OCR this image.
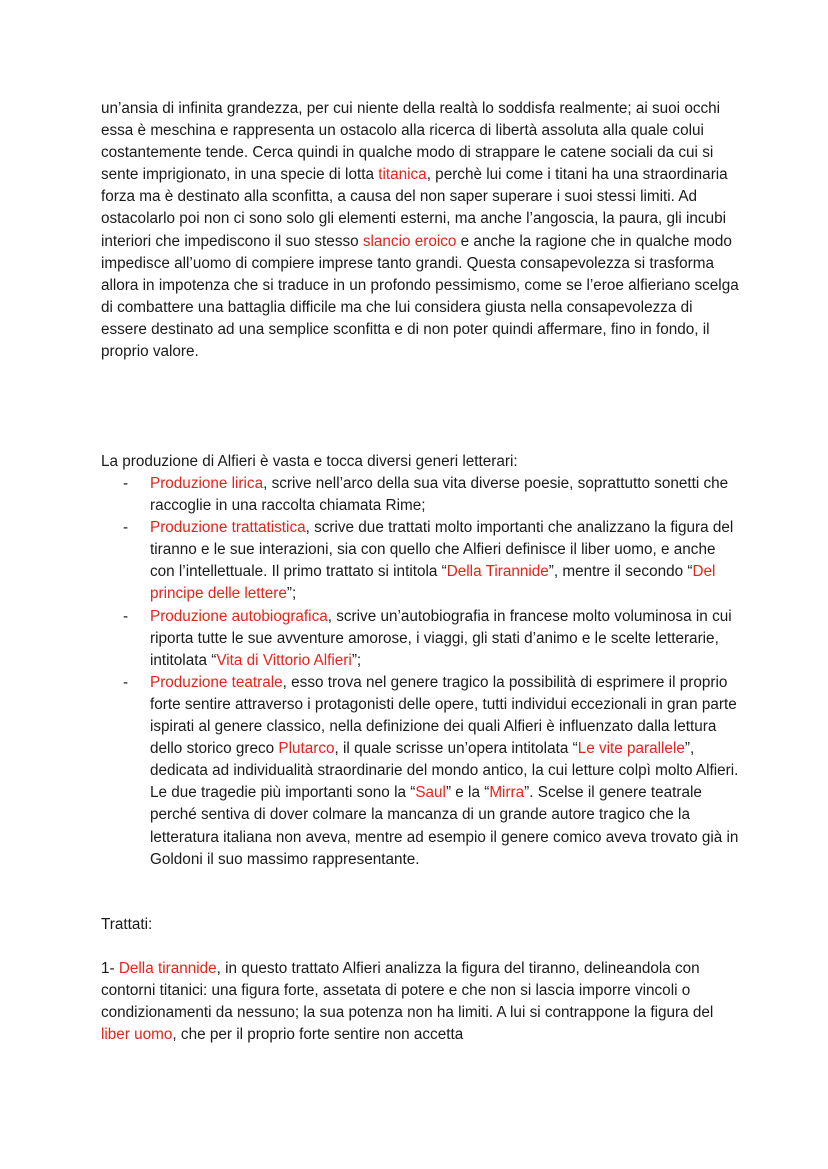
un’ansia di infinita grandezza, per cui niente della realtà lo soddisfa realmente; ai suoi occhi essa è meschina e rappresenta un ostacolo alla ricerca di libertà assoluta alla quale colui costantemente tende. Cerca quindi in qualche modo di strappare le catene sociali da cui si sente imprigionato, in una specie di lotta titanica, perchè lui come i titani ha una straordinaria forza ma è destinato alla sconfitta, a causa del non saper superare i suoi stessi limiti. Ad ostacolarlo poi non ci sono solo gli elementi esterni, ma anche l’angoscia, la paura, gli incubi interiori che impediscono il suo stesso slancio eroico e anche la ragione che in qualche modo impedisce all’uomo di compiere imprese tanto grandi. Questa consapevolezza si trasforma allora in impotenza che si traduce in un profondo pessimismo, come se l’eroe alfieriano scelga di combattere una battaglia difficile ma che lui considera giusta nella consapevolezza di essere destinato ad una semplice sconfitta e di non poter quindi affermare, fino in fondo, il proprio valore.

La produzione di Alfieri è vasta e tocca diversi generi letterari:

- Produzione lirica, scrive nell’arco della sua vita diverse poesie, soprattutto sonetti che raccoglie in una raccolta chiamata Rime;
- Produzione trattatistica, scrive due trattati molto importanti che analizzano la figura del tiranno e le sue interazioni, sia con quello che Alfieri definisce il liber uomo, e anche con l’intellettuale. Il primo trattato si intitola “Della Tirannide”, mentre il secondo “Del principe delle lettere”;
- Produzione autobiografica, scrive un’autobiografia in francese molto voluminosa in cui riporta tutte le sue avventure amorose, i viaggi, gli stati d’animo e le scelte letterarie, intitolata “Vita di Vittorio Alfieri”;
- Produzione teatrale, esso trova nel genere tragico la possibilità di esprimere il proprio forte sentire attraverso i protagonisti delle opere, tutti individui eccezionali in gran parte ispirati al genere classico, nella definizione dei quali Alfieri è influenzato dalla lettura dello storico greco Plutarco, il quale scrisse un’opera intitolata “Le vite parallele”, dedicata ad individualità straordinarie del mondo antico, la cui letture colpì molto Alfieri. Le due tragedie più importanti sono la “Saul” e la “Mirra”. Scelse il genere teatrale perché sentiva di dover colmare la mancanza di un grande autore tragico che la letteratura italiana non aveva, mentre ad esempio il genere comico aveva trovato già in Goldoni il suo massimo rappresentante.

Trattati:

1- Della tirannide, in questo trattato Alfieri analizza la figura del tiranno, delineandola con contorni titanici: una figura forte, assetata di potere e che non si lascia imporre vincoli o condizionamenti da nessuno; la sua potenza non ha limiti. A lui si contrappone la figura del liber uomo, che per il proprio forte sentire non accetta
